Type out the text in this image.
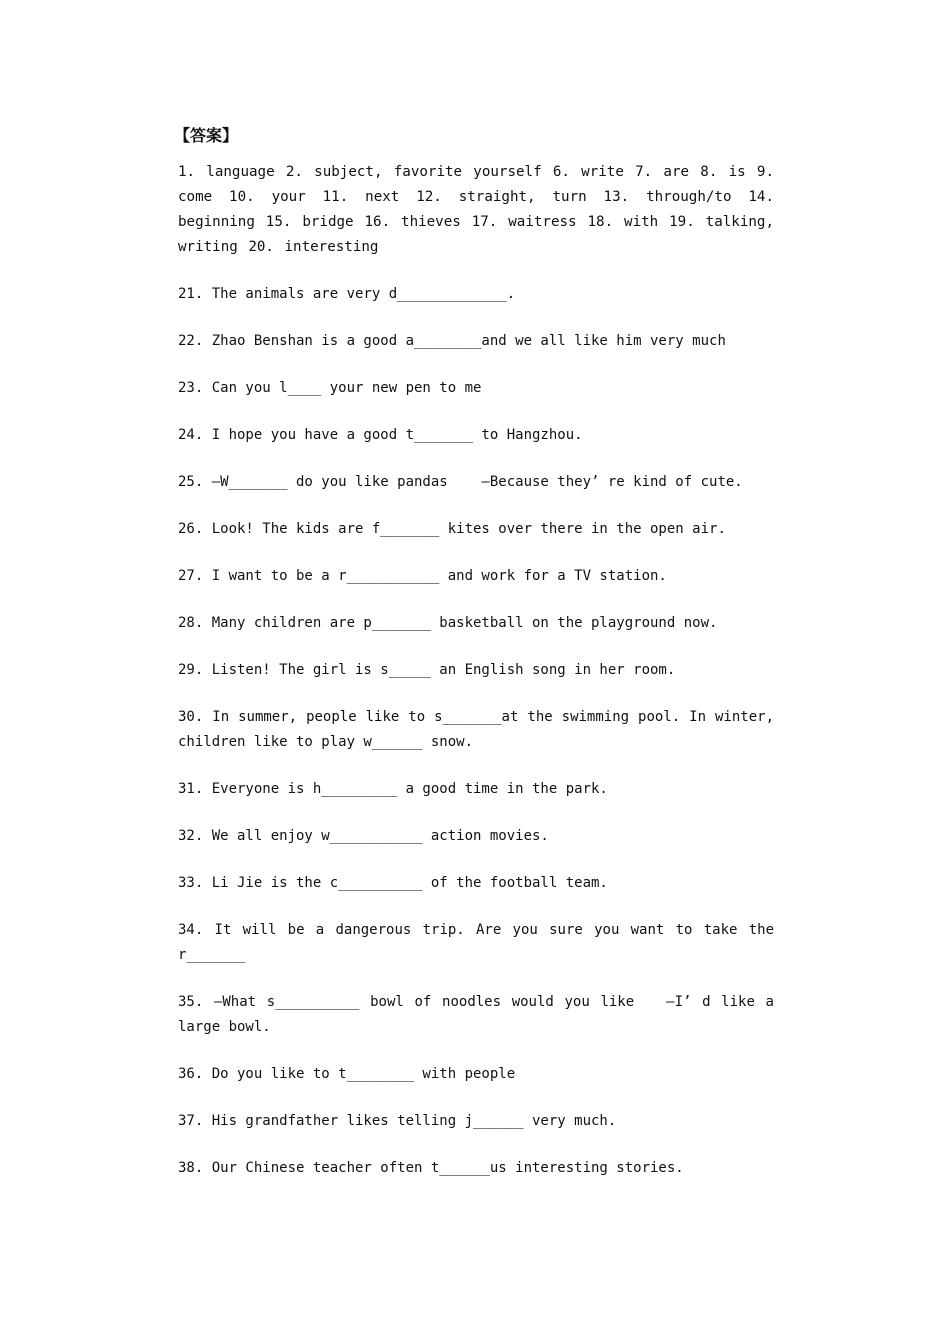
【答案】
1. language 2. subject, favorite yourself 6. write 7. are 8. is 9. come 10. your 11. next 12. straight, turn 13. through/to 14. beginning 15. bridge 16. thieves 17. waitress 18. with 19. talking, writing 20. interesting
21. The animals are very d_____________.
22. Zhao Benshan is a good a________and we all like him very much
23. Can you l____ your new pen to me
24. I hope you have a good t_______ to Hangzhou.
25. —W_______ do you like pandas    —Because they’ re kind of cute.
26. Look! The kids are f_______ kites over there in the open air.
27. I want to be a r___________ and work for a TV station.
28. Many children are p_______ basketball on the playground now.
29. Listen! The girl is s_____ an English song in her room.
30. In summer, people like to s_______at the swimming pool. In winter, children like to play w______ snow.
31. Everyone is h_________ a good time in the park.
32. We all enjoy w___________ action movies.
33. Li Jie is the c__________ of the football team.
34. It will be a dangerous trip. Are you sure you want to take the r_______
35. —What s__________ bowl of noodles would you like   —I’ d like a large bowl.
36. Do you like to t________ with people
37. His grandfather likes telling j______ very much.
38. Our Chinese teacher often t______us interesting stories.
